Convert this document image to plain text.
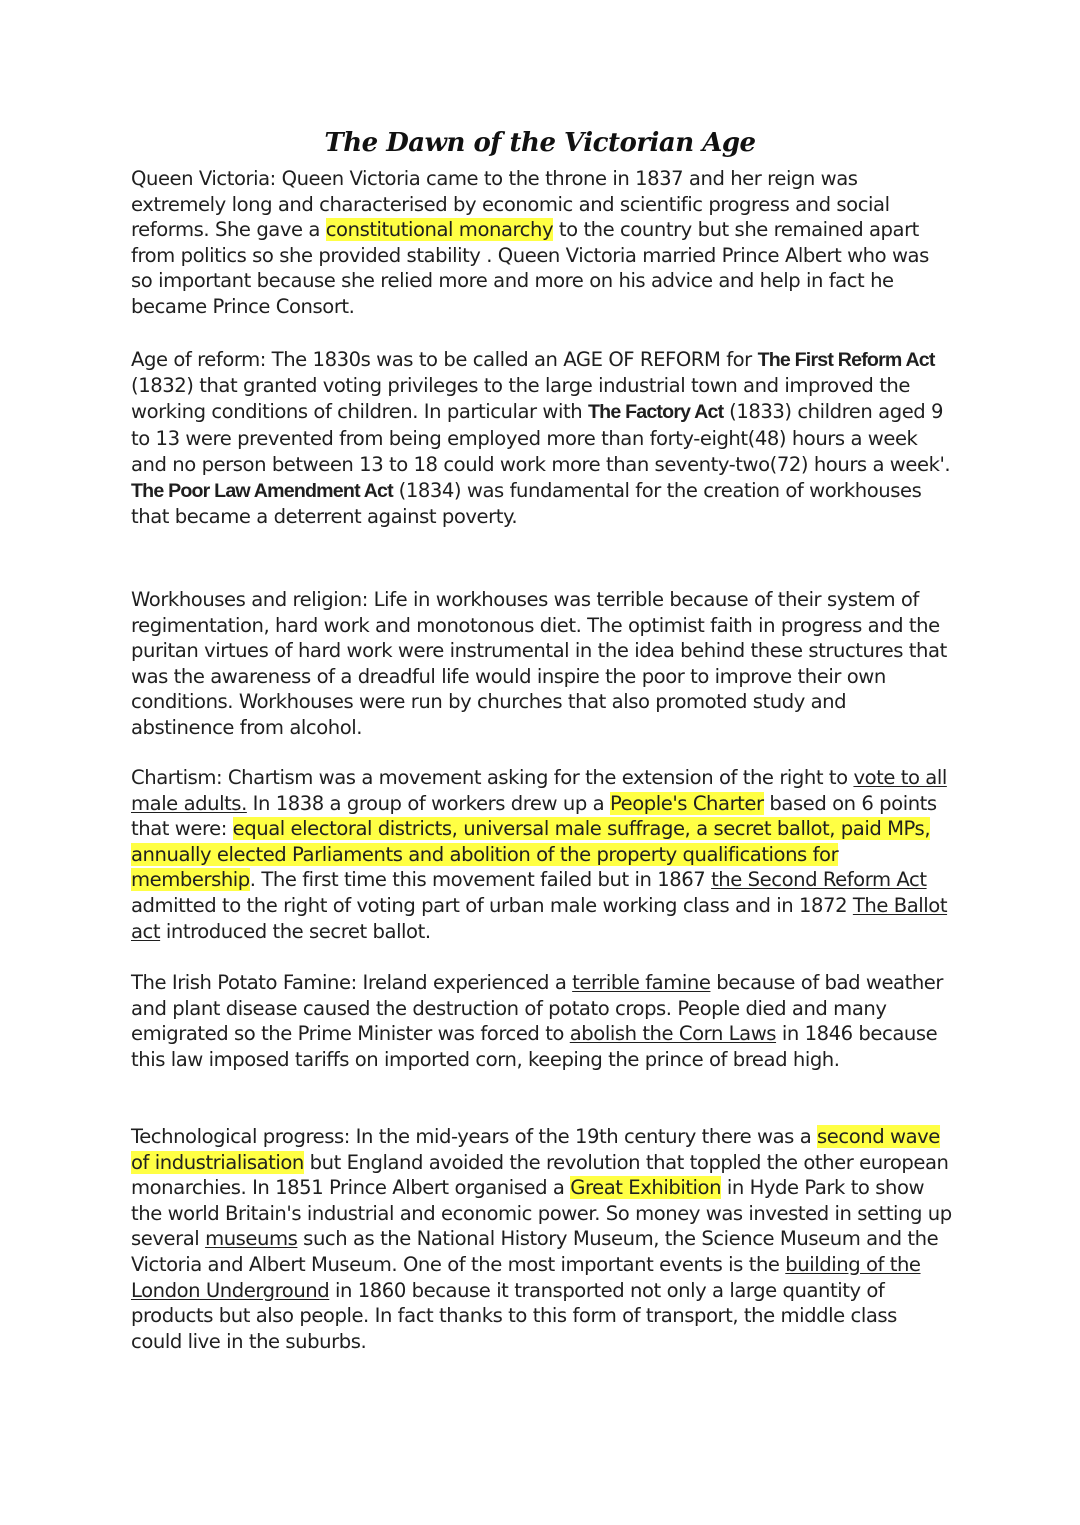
The Dawn of the Victorian Age

Queen Victoria: Queen Victoria came to the throne in 1837 and her reign was extremely long and characterised by economic and scientific progress and social reforms. She gave a constitutional monarchy to the country but she remained apart from politics so she provided stability . Queen Victoria married Prince Albert who was so important because she relied more and more on his advice and help in fact he became Prince Consort.

Age of reform: The 1830s was to be called an AGE OF REFORM for The First Reform Act (1832) that granted voting privileges to the large industrial town and improved the working conditions of children. In particular with The Factory Act (1833) children aged 9 to 13 were prevented from being employed more than forty-eight(48) hours a week and no person between 13 to 18 could work more than seventy-two(72) hours a week'. The Poor Law Amendment Act (1834) was fundamental for the creation of workhouses that became a deterrent against poverty.

Workhouses and religion: Life in workhouses was terrible because of their system of regimentation, hard work and monotonous diet. The optimist faith in progress and the puritan virtues of hard work were instrumental in the idea behind these structures that was the awareness of a dreadful life would inspire the poor to improve their own conditions. Workhouses were run by churches that also promoted study and abstinence from alcohol.

Chartism: Chartism was a movement asking for the extension of the right to vote to all male adults. In 1838 a group of workers drew up a People's Charter based on 6 points that were: equal electoral districts, universal male suffrage, a secret ballot, paid MPs, annually elected Parliaments and abolition of the property qualifications for membership. The first time this movement failed but in 1867 the Second Reform Act admitted to the right of voting part of urban male working class and in 1872 The Ballot act introduced the secret ballot.

The Irish Potato Famine: Ireland experienced a terrible famine because of bad weather and plant disease caused the destruction of potato crops. People died and many emigrated so the Prime Minister was forced to abolish the Corn Laws in 1846 because this law imposed tariffs on imported corn, keeping the prince of bread high.

Technological progress: In the mid-years of the 19th century there was a second wave of industrialisation but England avoided the revolution that toppled the other european monarchies. In 1851 Prince Albert organised a Great Exhibition in Hyde Park to show the world Britain's industrial and economic power. So money was invested in setting up several museums such as the National History Museum, the Science Museum and the Victoria and Albert Museum. One of the most important events is the building of the London Underground in 1860 because it transported not only a large quantity of products but also people. In fact thanks to this form of transport, the middle class could live in the suburbs.
